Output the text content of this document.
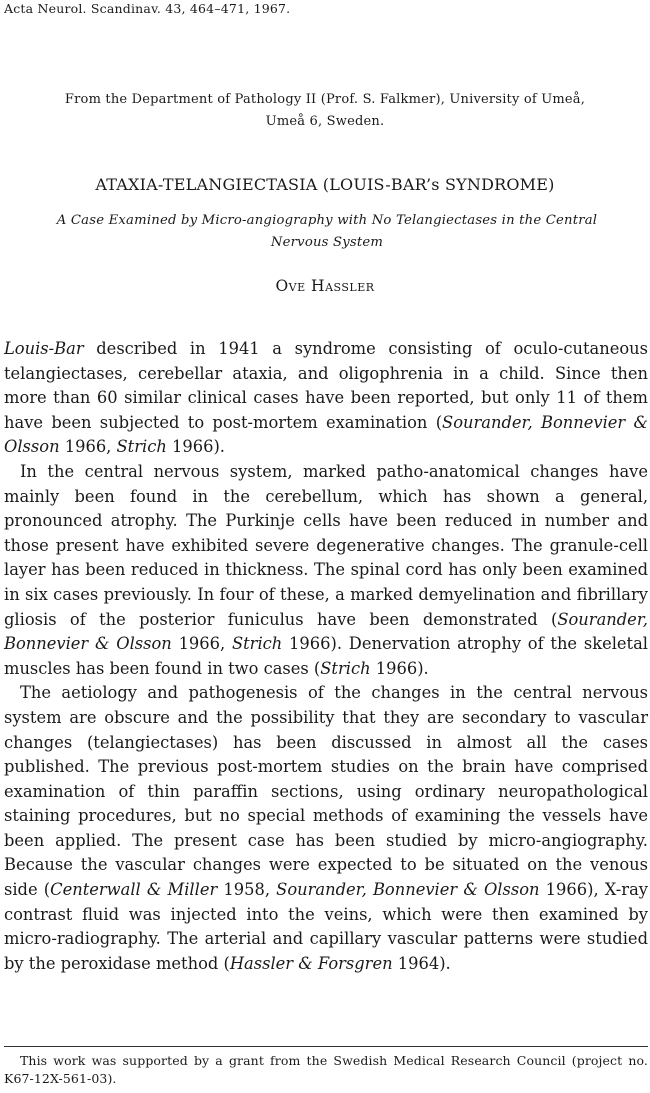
Acta Neurol. Scandinav. 43, 464–471, 1967.
From the Department of Pathology II (Prof. S. Falkmer), University of Umeå,
Umeå 6, Sweden.
ATAXIA-TELANGIECTASIA (LOUIS-BAR’s SYNDROME)
A Case Examined by Micro-angiography with No Telangiectases in the Central
Nervous System
Ove Hassler

Louis-Bar described in 1941 a syndrome consisting of oculo-cutaneous telangiectases, cerebellar ataxia, and oligophrenia in a child. Since then more than 60 similar clinical cases have been reported, but only 11 of them have been subjected to post-mortem examination (Sourander, Bonnevier & Olsson 1966, Strich 1966).

In the central nervous system, marked patho-anatomical changes have mainly been found in the cerebellum, which has shown a general, pronounced atrophy. The Purkinje cells have been reduced in number and those present have exhibited severe degenerative changes. The granule-cell layer has been reduced in thickness. The spinal cord has only been examined in six cases previously. In four of these, a marked demyelination and fibrillary gliosis of the posterior funiculus have been demonstrated (Sourander, Bonnevier & Olsson 1966, Strich 1966). Denervation atrophy of the skeletal muscles has been found in two cases (Strich 1966).

The aetiology and pathogenesis of the changes in the central nervous system are obscure and the possibility that they are secondary to vascular changes (telangiectases) has been discussed in almost all the cases published. The previous post-mortem studies on the brain have comprised examination of thin paraffin sections, using ordinary neuropathological staining procedures, but no special methods of examining the vessels have been applied. The present case has been studied by micro-angiography. Because the vascular changes were expected to be situated on the venous side (Centerwall & Miller 1958, Sourander, Bonnevier & Olsson 1966), X-ray contrast fluid was injected into the veins, which were then examined by micro-radiography. The arterial and capillary vascular patterns were studied by the peroxidase method (Hassler & Forsgren 1964).

This work was supported by a grant from the Swedish Medical Research Council (project no. K67-12X-561-03).
